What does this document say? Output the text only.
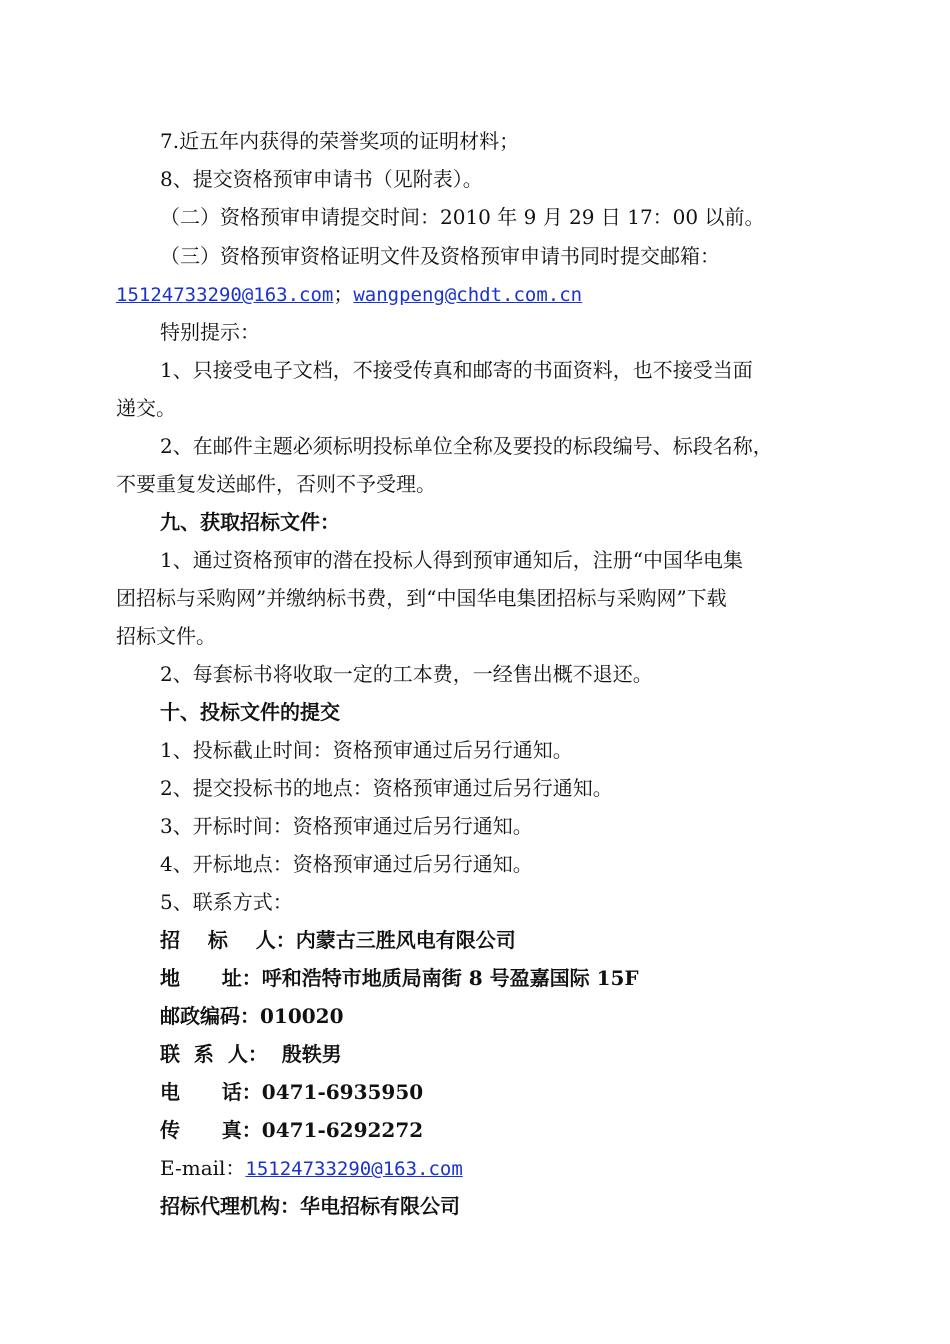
7.近五年内获得的荣誉奖项的证明材料；
8、提交资格预审申请书（见附表）。
（二）资格预审申请提交时间：2010 年 9 月 29 日 17：00 以前。
（三）资格预审资格证明文件及资格预审申请书同时提交邮箱：
15124733290@163.com；wangpeng@chdt.com.cn
特别提示：
1、只接受电子文档，不接受传真和邮寄的书面资料，也不接受当面
递交。
2、在邮件主题必须标明投标单位全称及要投的标段编号、标段名称，
不要重复发送邮件，否则不予受理。
九、获取招标文件：
1、通过资格预审的潜在投标人得到预审通知后，注册“中国华电集
团招标与采购网”并缴纳标书费，到“中国华电集团招标与采购网”下载
招标文件。
2、每套标书将收取一定的工本费，一经售出概不退还。
十、投标文件的提交
1、投标截止时间：资格预审通过后另行通知。
2、提交投标书的地点：资格预审通过后另行通知。
3、开标时间：资格预审通过后另行通知。
4、开标地点：资格预审通过后另行通知。
5、联系方式：
招    标    人：内蒙古三胜风电有限公司
地      址：呼和浩特市地质局南街 8 号盈嘉国际 15F
邮政编码：010020
联  系  人：  殷轶男
电      话：0471-6935950
传      真：0471-6292272
E-mail：15124733290@163.com
招标代理机构：华电招标有限公司
